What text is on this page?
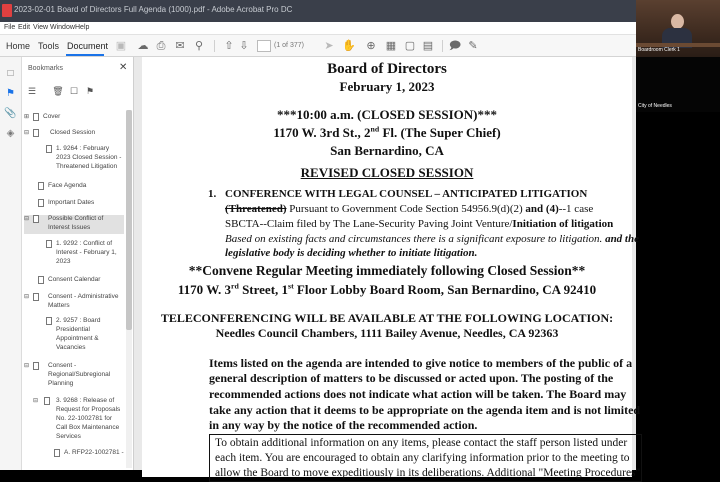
2023-02-01 Board of Directors Full Agenda (1000).pdf - Adobe Acrobat Pro DC
File Edit View Window Help
Home Tools Document ▣ ☁ ⎙ ✉ ⚲ ⇧ ⇩	(1 of 377) ➤ ✋ ⊕ ▦ ▢ ▤ 🗩 ✎
□
⚑
📎
◈
Bookmarks	✕
☰ 🗑 ☐ ⚑
⊞ Cover
⊟	Closed Session
1. 9264 : February
2023 Closed Session -
Threatened Litigation
Face Agenda
Important Dates
⊟	Possible Conflict of
Interest Issues
1. 9292 : Conflict of
Interest - February 1,
2023
Consent Calendar
⊟	Consent - Administrative
Matters
2. 9257 : Board
Presidential
Appointment &
Vacancies
⊟	Consent -
Regional/Subregional
Planning
⊟	3. 9268 : Release of
Request for Proposals
No. 22-1002781 for
Call Box Maintenance
Services
A. RFP22-1002781 -
Board of Directors
February 1, 2023
***10:00 a.m. (CLOSED SESSION)***
1170 W. 3rd St., 2nd Fl. (The Super Chief)
San Bernardino, CA
REVISED CLOSED SESSION
1. CONFERENCE WITH LEGAL COUNSEL – ANTICIPATED LITIGATION
(Threatened) Pursuant to Government Code Section 54956.9(d)(2) and (4)--1 case
SBCTA--Claim filed by The Lane-Security Paving Joint Venture/Initiation of litigation
Based on existing facts and circumstances there is a significant exposure to litigation. and the
legislative body is deciding whether to initiate litigation.
**Convene Regular Meeting immediately following Closed Session**
1170 W. 3rd Street, 1st Floor Lobby Board Room, San Bernardino, CA 92410
TELECONFERENCING WILL BE AVAILABLE AT THE FOLLOWING LOCATION:
Needles Council Chambers, 1111 Bailey Avenue, Needles, CA 92363
Items listed on the agenda are intended to give notice to members of the public of a
general description of matters to be discussed or acted upon. The posting of the
recommended actions does not indicate what action will be taken. The Board may
take any action that it deems to be appropriate on the agenda item and is not limited
in any way by the notice of the recommended action.
To obtain additional information on any items, please contact the staff person listed under
each item. You are encouraged to obtain any clarifying information prior to the meeting to
allow the Board to move expeditiously in its deliberations. Additional "Meeting Procedures"
Boardroom Clerk 1
City of Needles
